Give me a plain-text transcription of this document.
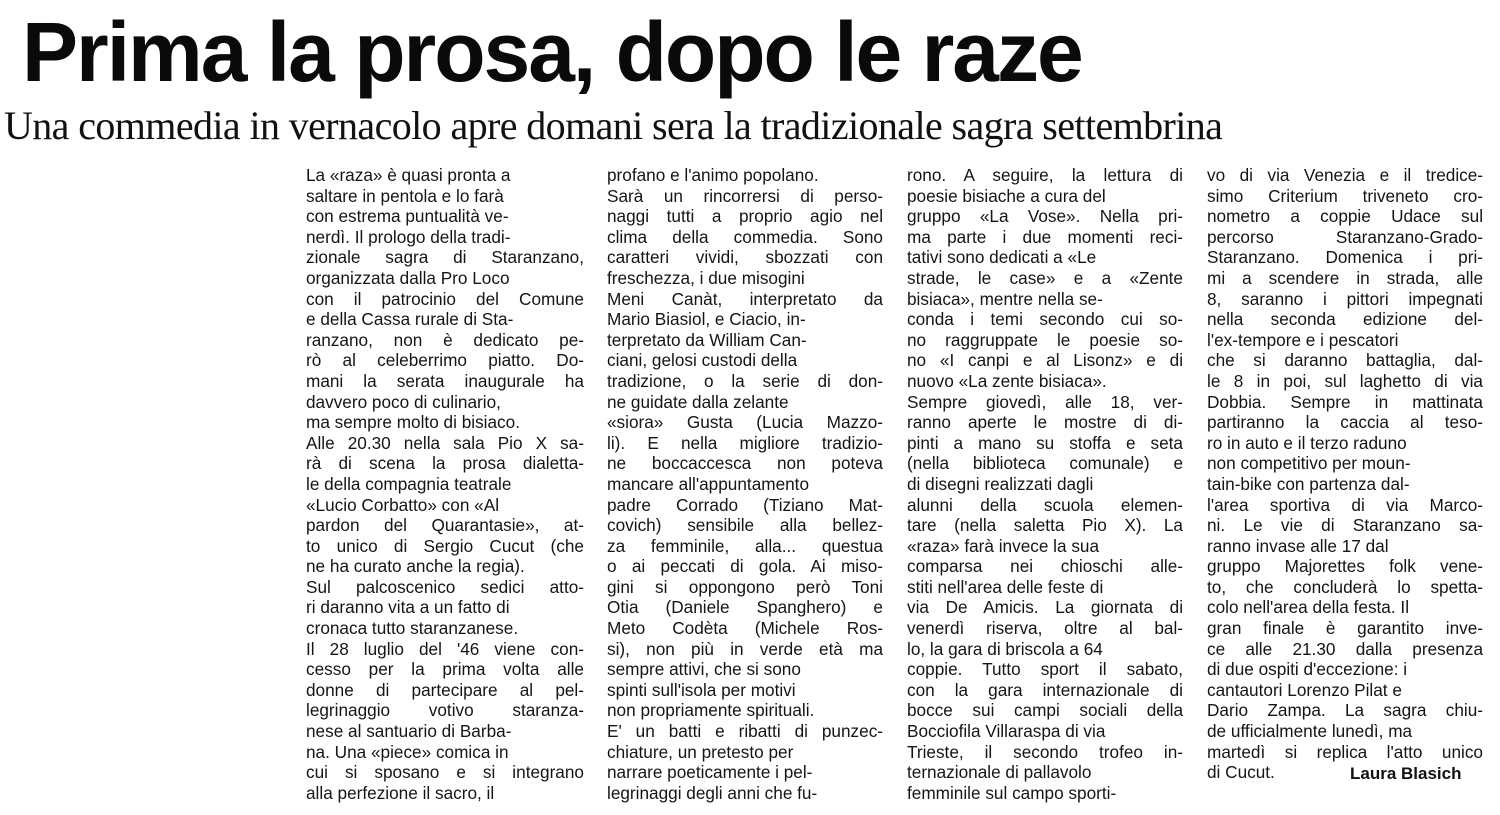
Prima la prosa, dopo le raze
Una commedia in vernacolo apre domani sera la tradizionale sagra settembrina
La «raza» è quasi pronta a
saltare in pentola e lo farà
con estrema puntualità ve-
nerdì. Il prologo della tradi-
zionale sagra di Staranzano,
organizzata dalla Pro Loco
con il patrocinio del Comune
e della Cassa rurale di Sta-
ranzano, non è dedicato pe-
rò al celeberrimo piatto. Do-
mani la serata inaugurale ha
davvero poco di culinario,
ma sempre molto di bisiaco.
Alle 20.30 nella sala Pio X sa-
rà di scena la prosa dialetta-
le della compagnia teatrale
«Lucio Corbatto» con «Al
pardon del Quarantasie», at-
to unico di Sergio Cucut (che
ne ha curato anche la regia).
Sul palcoscenico sedici atto-
ri daranno vita a un fatto di
cronaca tutto staranzanese.
Il 28 luglio del '46 viene con-
cesso per la prima volta alle
donne di partecipare al pel-
legrinaggio votivo staranza-
nese al santuario di Barba-
na. Una «piece» comica in
cui si sposano e si integrano
alla perfezione il sacro, il
profano e l'animo popolano.
Sarà un rincorrersi di perso-
naggi tutti a proprio agio nel
clima della commedia. Sono
caratteri vividi, sbozzati con
freschezza, i due misogini
Meni Canàt, interpretato da
Mario Biasiol, e Ciacio, in-
terpretato da William Can-
ciani, gelosi custodi della
tradizione, o la serie di don-
ne guidate dalla zelante
«siora» Gusta (Lucia Mazzo-
li). E nella migliore tradizio-
ne boccaccesca non poteva
mancare all'appuntamento
padre Corrado (Tiziano Mat-
covich) sensibile alla bellez-
za femminile, alla... questua
o ai peccati di gola. Ai miso-
gini si oppongono però Toni
Otia (Daniele Spanghero) e
Meto Codèta (Michele Ros-
si), non più in verde età ma
sempre attivi, che si sono
spinti sull'isola per motivi
non propriamente spirituali.
E' un batti e ribatti di punzec-
chiature, un pretesto per
narrare poeticamente i pel-
legrinaggi degli anni che fu-
rono. A seguire, la lettura di
poesie bisiache a cura del
gruppo «La Vose». Nella pri-
ma parte i due momenti reci-
tativi sono dedicati a «Le
strade, le case» e a «Zente
bisiaca», mentre nella se-
conda i temi secondo cui so-
no raggruppate le poesie so-
no «I canpi e al Lisonz» e di
nuovo «La zente bisiaca».
Sempre giovedì, alle 18, ver-
ranno aperte le mostre di di-
pinti a mano su stoffa e seta
(nella biblioteca comunale) e
di disegni realizzati dagli
alunni della scuola elemen-
tare (nella saletta Pio X). La
«raza» farà invece la sua
comparsa nei chioschi alle-
stiti nell'area delle feste di
via De Amicis. La giornata di
venerdì riserva, oltre al bal-
lo, la gara di briscola a 64
coppie. Tutto sport il sabato,
con la gara internazionale di
bocce sui campi sociali della
Bocciofila Villaraspa di via
Trieste, il secondo trofeo in-
ternazionale di pallavolo
femminile sul campo sporti-
vo di via Venezia e il tredice-
simo Criterium triveneto cro-
nometro a coppie Udace sul
percorso Staranzano-Grado-
Staranzano. Domenica i pri-
mi a scendere in strada, alle
8, saranno i pittori impegnati
nella seconda edizione del-
l'ex-tempore e i pescatori
che si daranno battaglia, dal-
le 8 in poi, sul laghetto di via
Dobbia. Sempre in mattinata
partiranno la caccia al teso-
ro in auto e il terzo raduno
non competitivo per moun-
tain-bike con partenza dal-
l'area sportiva di via Marco-
ni. Le vie di Staranzano sa-
ranno invase alle 17 dal
gruppo Majorettes folk vene-
to, che concluderà lo spetta-
colo nell'area della festa. Il
gran finale è garantito inve-
ce alle 21.30 dalla presenza
di due ospiti d'eccezione: i
cantautori Lorenzo Pilat e
Dario Zampa. La sagra chiu-
de ufficialmente lunedì, ma
martedì si replica l'atto unico
di Cucut.	Laura Blasich
